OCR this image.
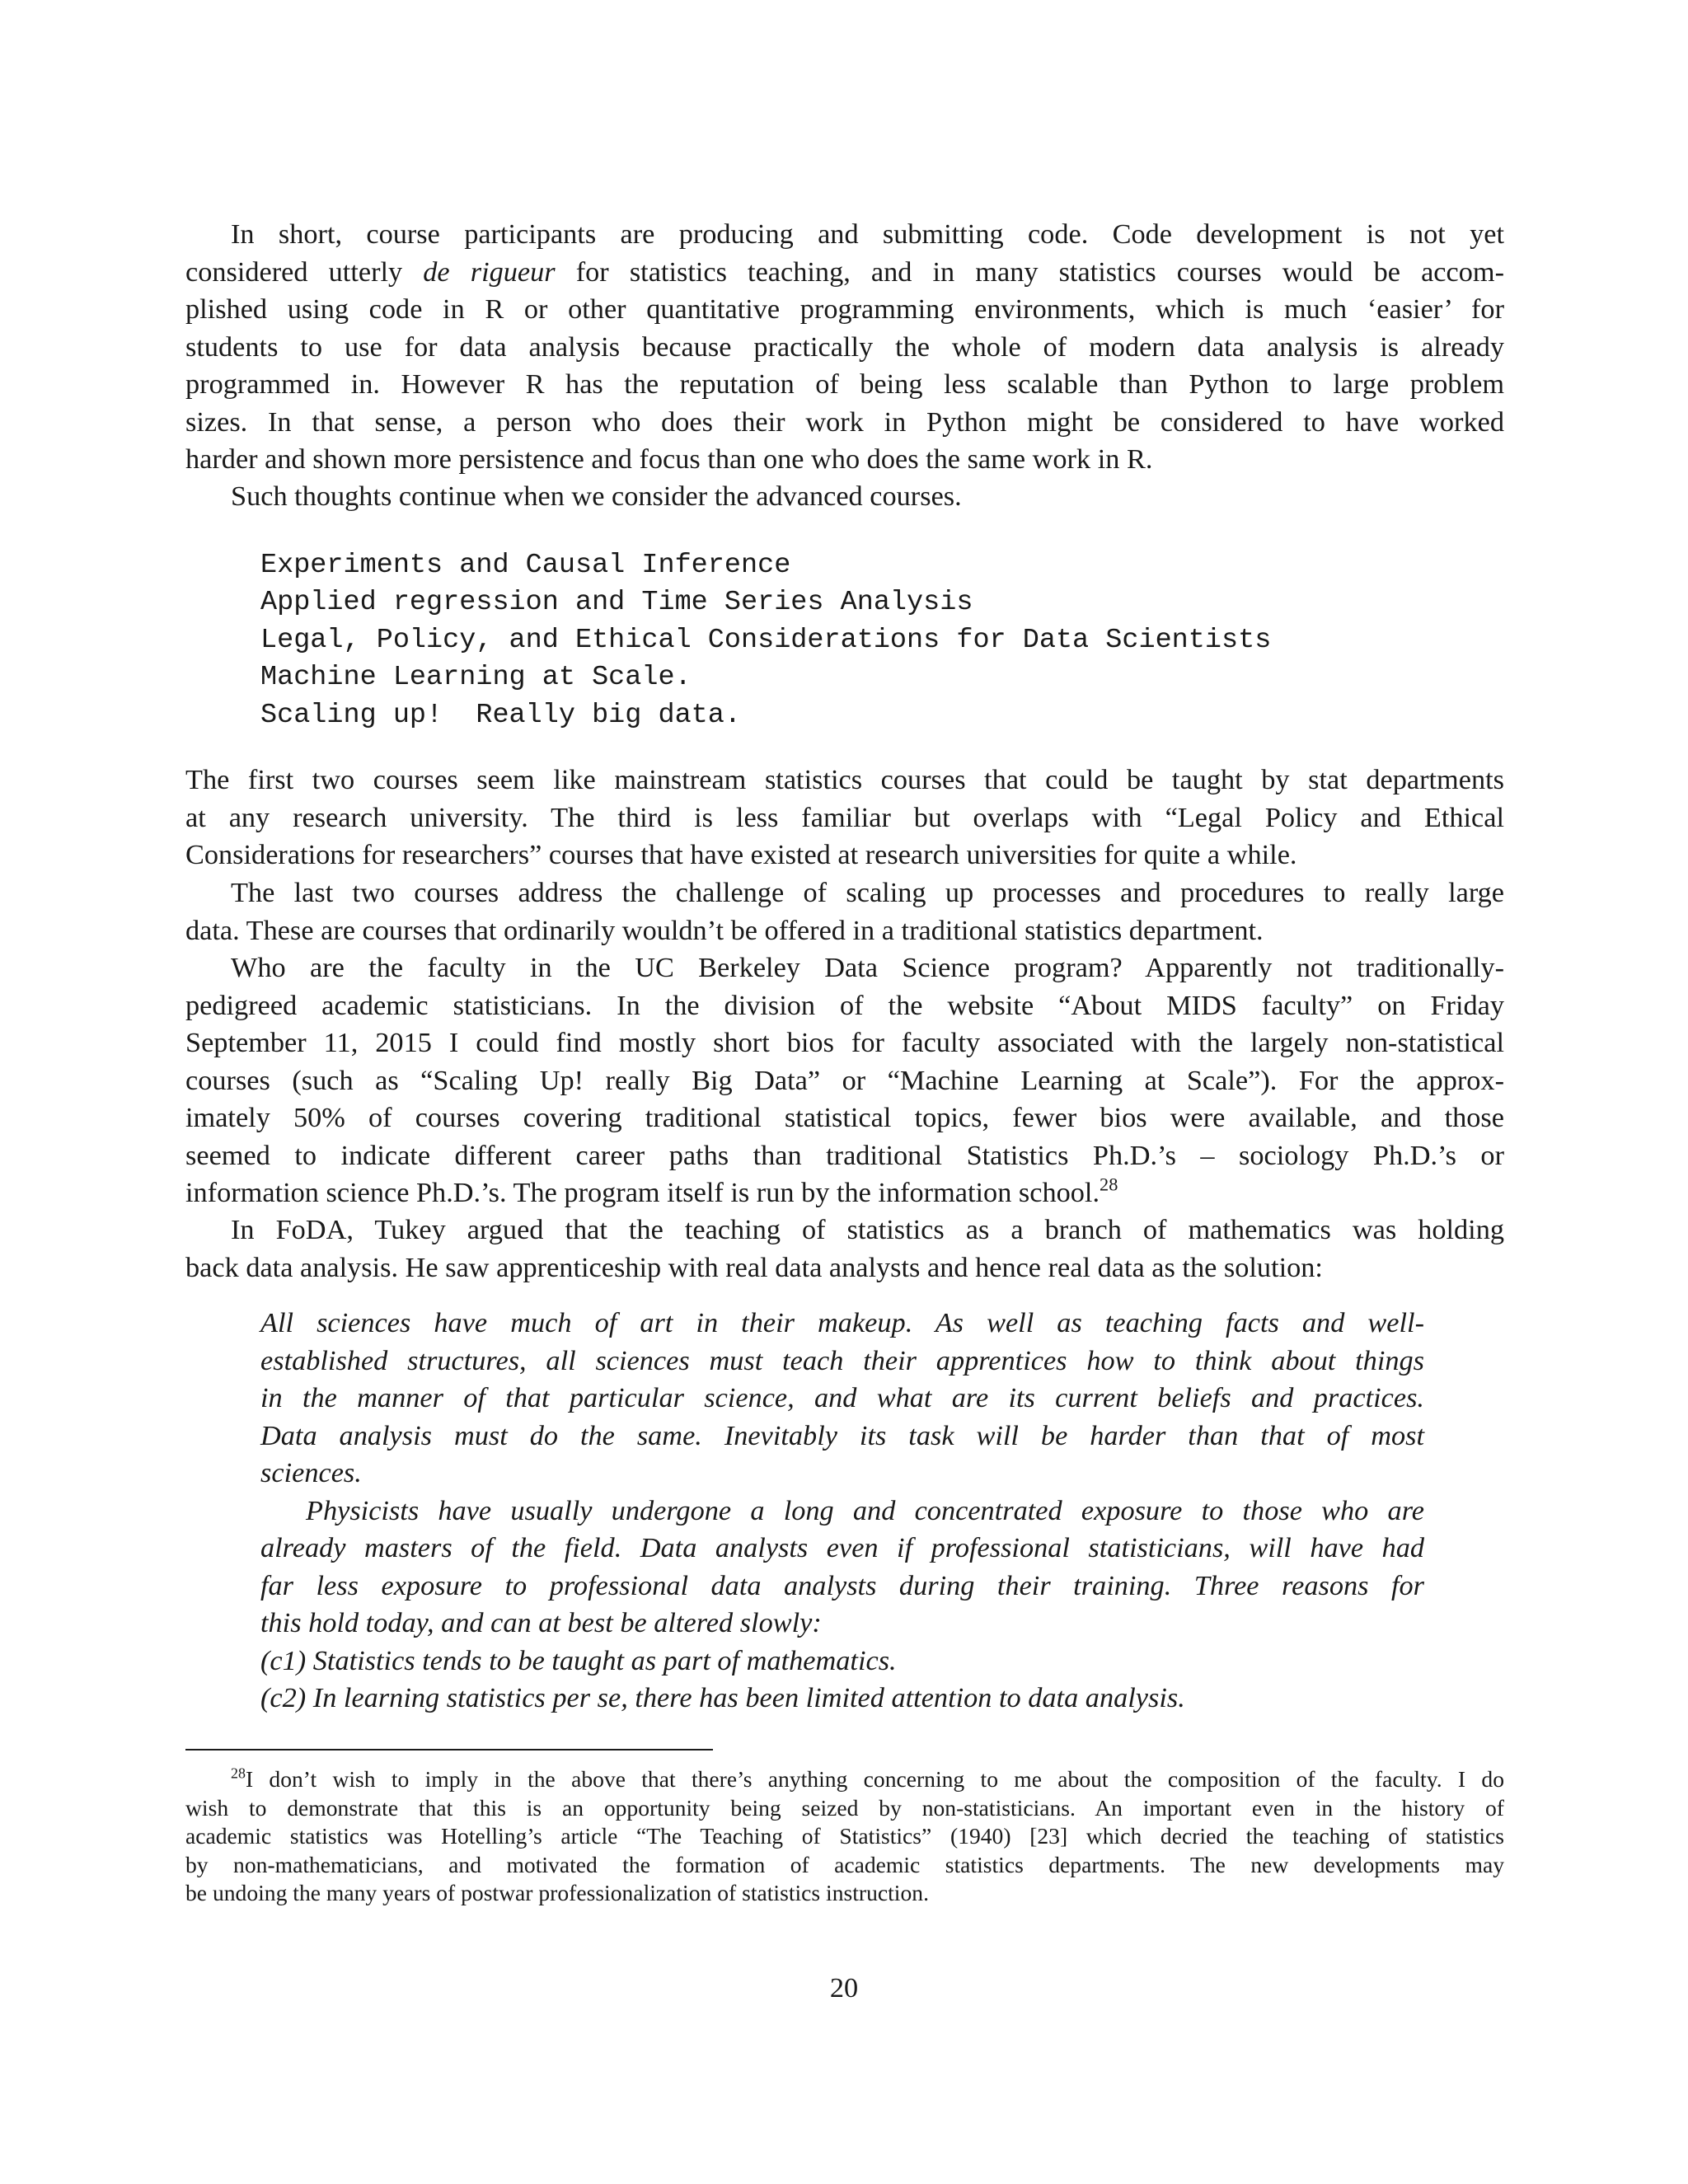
In short, course participants are producing and submitting code. Code development is not yet
considered utterly de rigueur for statistics teaching, and in many statistics courses would be accom-
plished using code in R or other quantitative programming environments, which is much ‘easier’ for
students to use for data analysis because practically the whole of modern data analysis is already
programmed in. However R has the reputation of being less scalable than Python to large problem
sizes. In that sense, a person who does their work in Python might be considered to have worked
harder and shown more persistence and focus than one who does the same work in R.
Such thoughts continue when we consider the advanced courses.
Experiments and Causal Inference
Applied regression and Time Series Analysis
Legal, Policy, and Ethical Considerations for Data Scientists
Machine Learning at Scale.
Scaling up!  Really big data.
The first two courses seem like mainstream statistics courses that could be taught by stat departments
at any research university. The third is less familiar but overlaps with “Legal Policy and Ethical
Considerations for researchers” courses that have existed at research universities for quite a while.
The last two courses address the challenge of scaling up processes and procedures to really large
data. These are courses that ordinarily wouldn’t be offered in a traditional statistics department.
Who are the faculty in the UC Berkeley Data Science program? Apparently not traditionally-
pedigreed academic statisticians. In the division of the website “About MIDS faculty” on Friday
September 11, 2015 I could find mostly short bios for faculty associated with the largely non-statistical
courses (such as “Scaling Up! really Big Data” or “Machine Learning at Scale”). For the approx-
imately 50% of courses covering traditional statistical topics, fewer bios were available, and those
seemed to indicate different career paths than traditional Statistics Ph.D.’s – sociology Ph.D.’s or
information science Ph.D.’s. The program itself is run by the information school.$^{28}$
In FoDA, Tukey argued that the teaching of statistics as a branch of mathematics was holding
back data analysis. He saw apprenticeship with real data analysts and hence real data as the solution:
All sciences have much of art in their makeup. As well as teaching facts and well-
established structures, all sciences must teach their apprentices how to think about things
in the manner of that particular science, and what are its current beliefs and practices.
Data analysis must do the same. Inevitably its task will be harder than that of most
sciences.
Physicists have usually undergone a long and concentrated exposure to those who are
already masters of the field. Data analysts even if professional statisticians, will have had
far less exposure to professional data analysts during their training. Three reasons for
this hold today, and can at best be altered slowly:
(c1) Statistics tends to be taught as part of mathematics.
(c2) In learning statistics per se, there has been limited attention to data analysis.
$^{28}$I don’t wish to imply in the above that there’s anything concerning to me about the composition of the faculty. I do
wish to demonstrate that this is an opportunity being seized by non-statisticians. An important even in the history of
academic statistics was Hotelling’s article “The Teaching of Statistics” (1940) [23] which decried the teaching of statistics
by non-mathematicians, and motivated the formation of academic statistics departments. The new developments may
be undoing the many years of postwar professionalization of statistics instruction.
20
